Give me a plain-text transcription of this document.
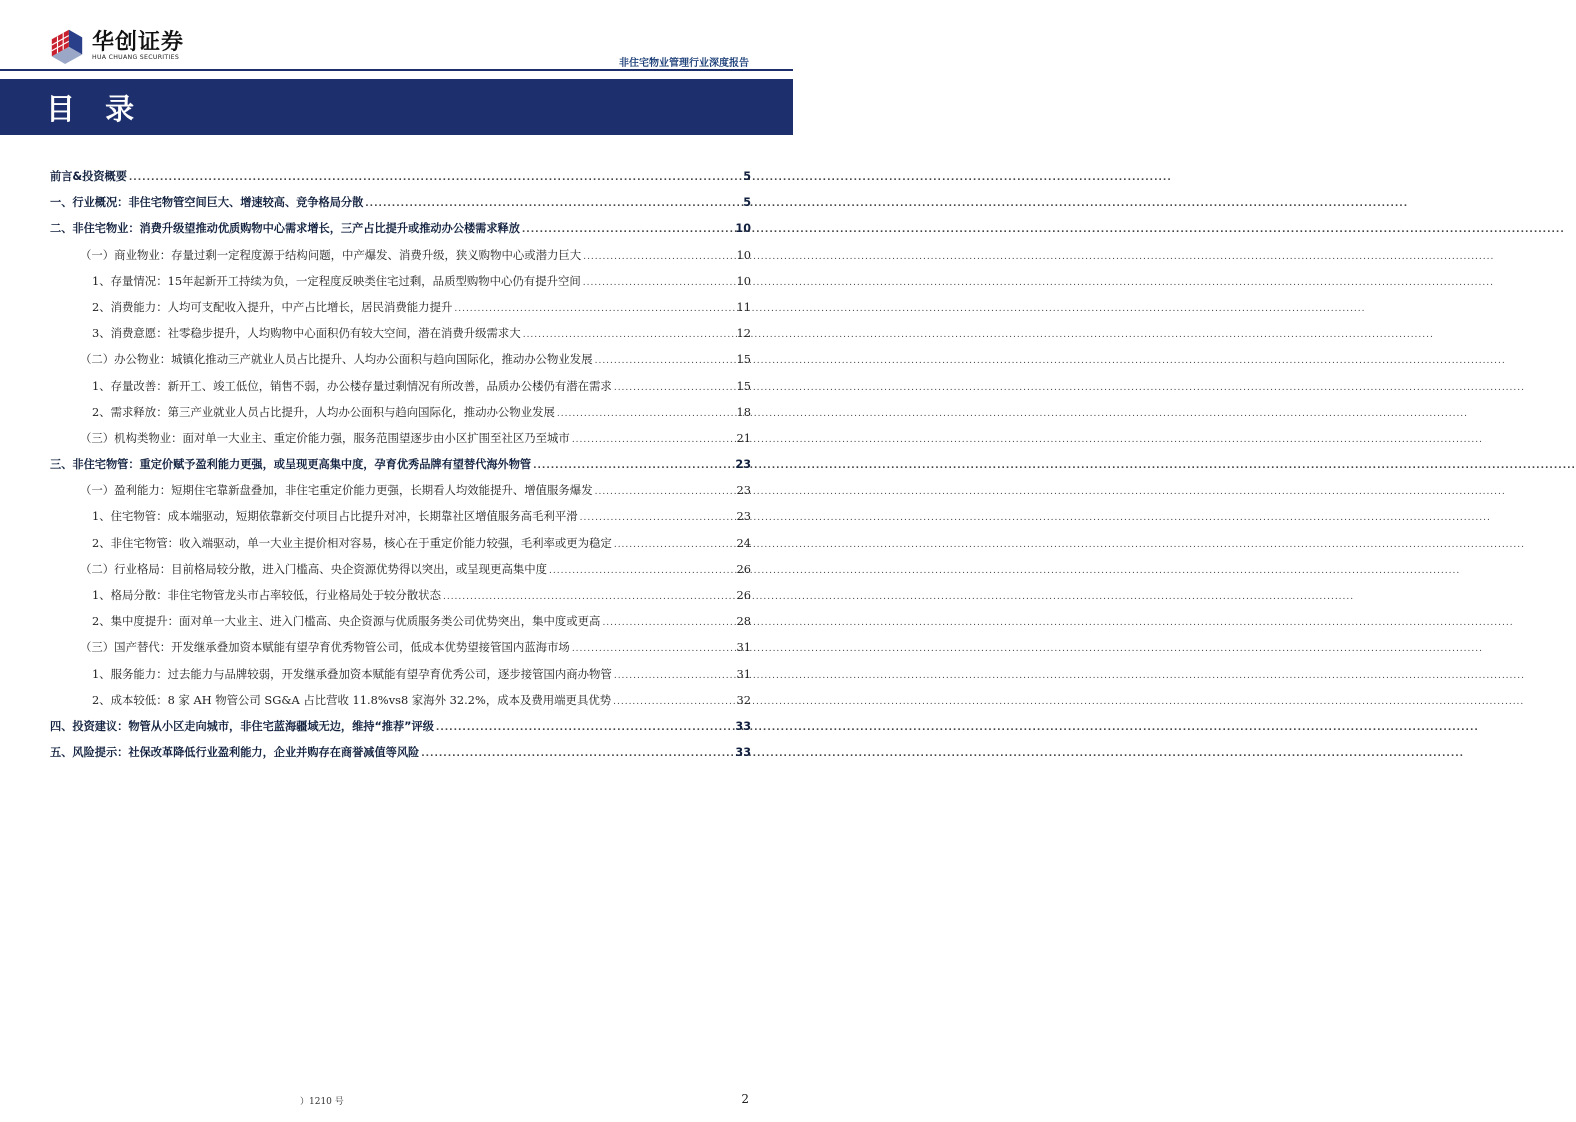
华创证券
HUA CHUANG SECURITIES
非住宅物业管理行业深度报告
目 录
前言&投资概要 .....	5
一、行业概况：非住宅物管空间巨大、增速较高、竞争格局分散 .....	5
二、非住宅物业：消费升级望推动优质购物中心需求增长，三产占比提升或推动办公楼需求释放 .....	10
（一）商业物业：存量过剩一定程度源于结构问题，中产爆发、消费升级，狭义购物中心或潜力巨大 .....	10
1、存量情况：15年起新开工持续为负，一定程度反映类住宅过剩，品质型购物中心仍有提升空间 .....	10
2、消费能力：人均可支配收入提升，中产占比增长，居民消费能力提升 .....	11
3、消费意愿：社零稳步提升，人均购物中心面积仍有较大空间，潜在消费升级需求大 .....	12
（二）办公物业：城镇化推动三产就业人员占比提升、人均办公面积与趋向国际化，推动办公物业发展 .....	15
1、存量改善：新开工、竣工低位，销售不弱，办公楼存量过剩情况有所改善，品质办公楼仍有潜在需求 .....	15
2、需求释放：第三产业就业人员占比提升，人均办公面积与趋向国际化，推动办公物业发展 .....	18
（三）机构类物业：面对单一大业主、重定价能力强，服务范围望逐步由小区扩围至社区乃至城市 .....	21
三、非住宅物管：重定价赋予盈利能力更强，或呈现更高集中度，孕育优秀品牌有望替代海外物管 .....	23
（一）盈利能力：短期住宅靠新盘叠加，非住宅重定价能力更强，长期看人均效能提升、增值服务爆发 .....	23
1、住宅物管：成本端驱动，短期依靠新交付项目占比提升对冲，长期靠社区增值服务高毛利平滑 .....	23
2、非住宅物管：收入端驱动，单一大业主提价相对容易，核心在于重定价能力较强，毛利率或更为稳定 .....	24
（二）行业格局：目前格局较分散，进入门槛高、央企资源优势得以突出，或呈现更高集中度 .....	26
1、格局分散：非住宅物管龙头市占率较低，行业格局处于较分散状态 .....	26
2、集中度提升：面对单一大业主、进入门槛高、央企资源与优质服务类公司优势突出，集中度或更高 .....	28
（三）国产替代：开发继承叠加资本赋能有望孕育优秀物管公司，低成本优势望接管国内蓝海市场 .....	31
1、服务能力：过去能力与品牌较弱，开发继承叠加资本赋能有望孕育优秀公司，逐步接管国内商办物管 .....	31
2、成本较低：8 家 AH 物管公司 SG&A 占比营收 11.8%vs8 家海外 32.2%，成本及费用端更具优势 .....	32
四、投资建议：物管从小区走向城市，非住宅蓝海疆域无边，维持“推荐”评级 .....	33
五、风险提示：社保改革降低行业盈利能力，企业并购存在商誉减值等风险 .....	33
）1210 号	2
